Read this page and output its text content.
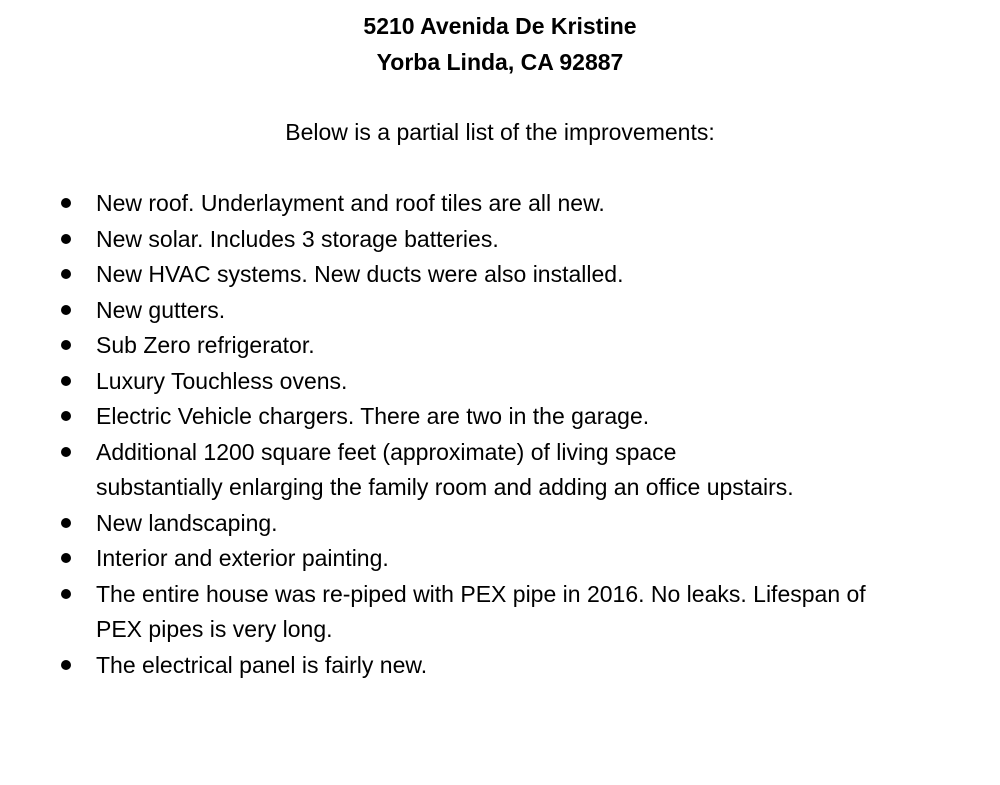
5210 Avenida De Kristine
Yorba Linda, CA 92887
Below is a partial list of the improvements:
New roof. Underlayment and roof tiles are all new.
New solar. Includes 3 storage batteries.
New HVAC systems. New ducts were also installed.
New gutters.
Sub Zero refrigerator.
Luxury Touchless ovens.
Electric Vehicle chargers. There are two in the garage.
Additional 1200 square feet (approximate) of living space
substantially enlarging the family room and adding an office upstairs.
New landscaping.
Interior and exterior painting.
The entire house was re-piped with PEX pipe in 2016. No leaks. Lifespan of
PEX pipes is very long.
The electrical panel is fairly new.
